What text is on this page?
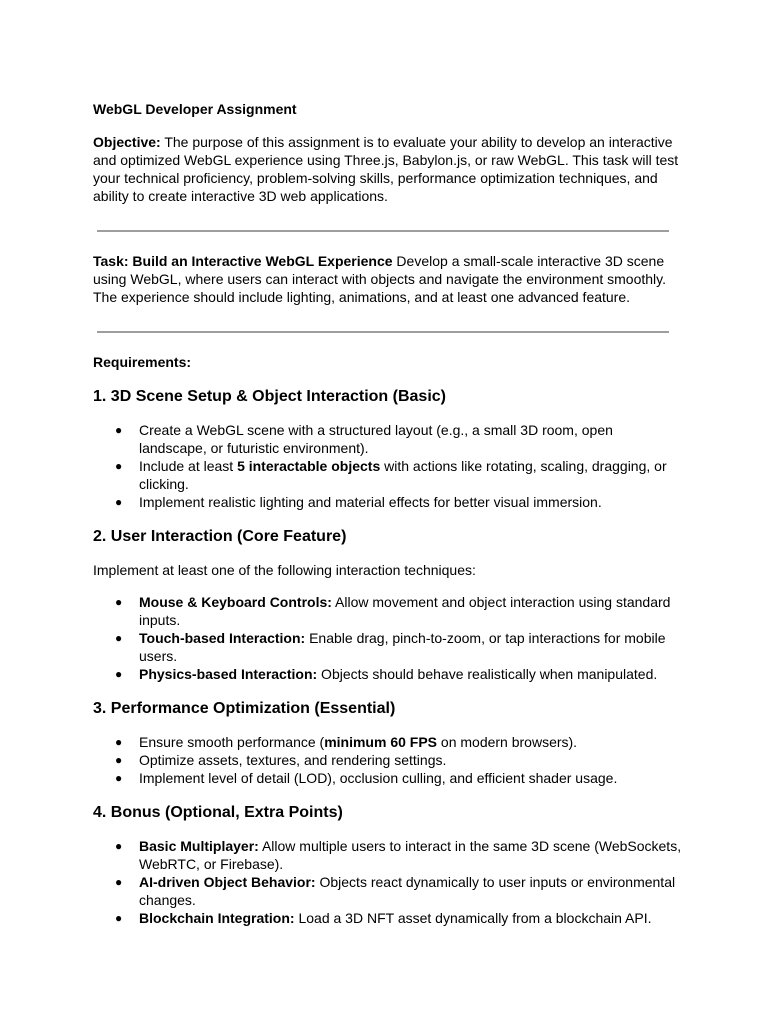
WebGL Developer Assignment

Objective: The purpose of this assignment is to evaluate your ability to develop an interactive and optimized WebGL experience using Three.js, Babylon.js, or raw WebGL. This task will test your technical proficiency, problem-solving skills, performance optimization techniques, and ability to create interactive 3D web applications.

Task: Build an Interactive WebGL Experience Develop a small-scale interactive 3D scene using WebGL, where users can interact with objects and navigate the environment smoothly. The experience should include lighting, animations, and at least one advanced feature.

Requirements:

1. 3D Scene Setup & Object Interaction (Basic)
● Create a WebGL scene with a structured layout (e.g., a small 3D room, open landscape, or futuristic environment).
● Include at least 5 interactable objects with actions like rotating, scaling, dragging, or clicking.
● Implement realistic lighting and material effects for better visual immersion.
2. User Interaction (Core Feature)

Implement at least one of the following interaction techniques:

● Mouse & Keyboard Controls: Allow movement and object interaction using standard inputs.
● Touch-based Interaction: Enable drag, pinch-to-zoom, or tap interactions for mobile users.
● Physics-based Interaction: Objects should behave realistically when manipulated.
3. Performance Optimization (Essential)
● Ensure smooth performance (minimum 60 FPS on modern browsers).
● Optimize assets, textures, and rendering settings.
● Implement level of detail (LOD), occlusion culling, and efficient shader usage.
4. Bonus (Optional, Extra Points)
● Basic Multiplayer: Allow multiple users to interact in the same 3D scene (WebSockets, WebRTC, or Firebase).
● AI-driven Object Behavior: Objects react dynamically to user inputs or environmental changes.
● Blockchain Integration: Load a 3D NFT asset dynamically from a blockchain API.
